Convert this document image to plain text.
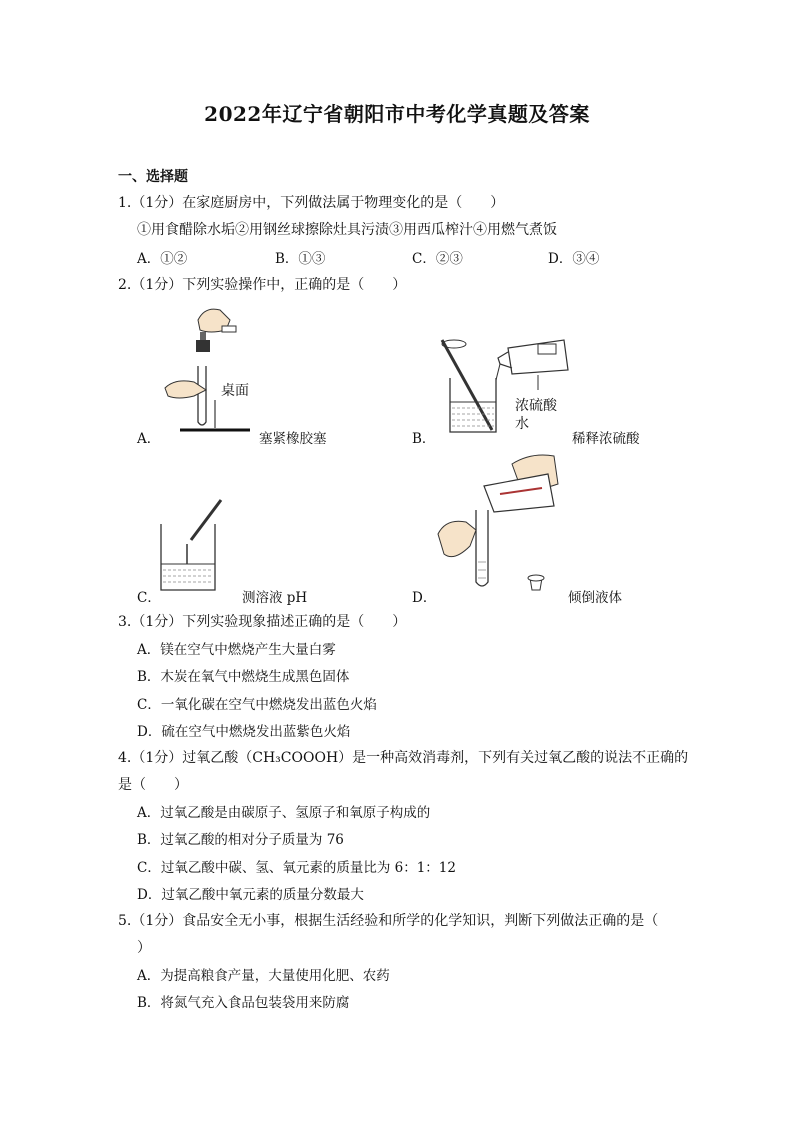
2022年辽宁省朝阳市中考化学真题及答案
一、选择题
1.（1分）在家庭厨房中，下列做法属于物理变化的是（　　）
①用食醋除水垢②用钢丝球擦除灶具污渍③用西瓜榨汁④用燃气煮饭
A．①②	B．①③	C．②③	D．③④
2.（1分）下列实验操作中，正确的是（　　）
桌面
A．	塞紧橡胶塞
浓硫酸
水
B．	稀释浓硫酸
C．	测溶液 pH	D．	倾倒液体
3.（1分）下列实验现象描述正确的是（　　）
A．镁在空气中燃烧产生大量白雾
B．木炭在氧气中燃烧生成黑色固体
C．一氧化碳在空气中燃烧发出蓝色火焰
D．硫在空气中燃烧发出蓝紫色火焰
4.（1分）过氧乙酸（CH₃COOOH）是一种高效消毒剂，下列有关过氧乙酸的说法不正确的
是（　　）
A．过氧乙酸是由碳原子、氢原子和氧原子构成的
B．过氧乙酸的相对分子质量为 76
C．过氧乙酸中碳、氢、氧元素的质量比为 6：1：12
D．过氧乙酸中氧元素的质量分数最大
5.（1分）食品安全无小事，根据生活经验和所学的化学知识，判断下列做法正确的是（
）
A．为提高粮食产量，大量使用化肥、农药
B．将氮气充入食品包装袋用来防腐
